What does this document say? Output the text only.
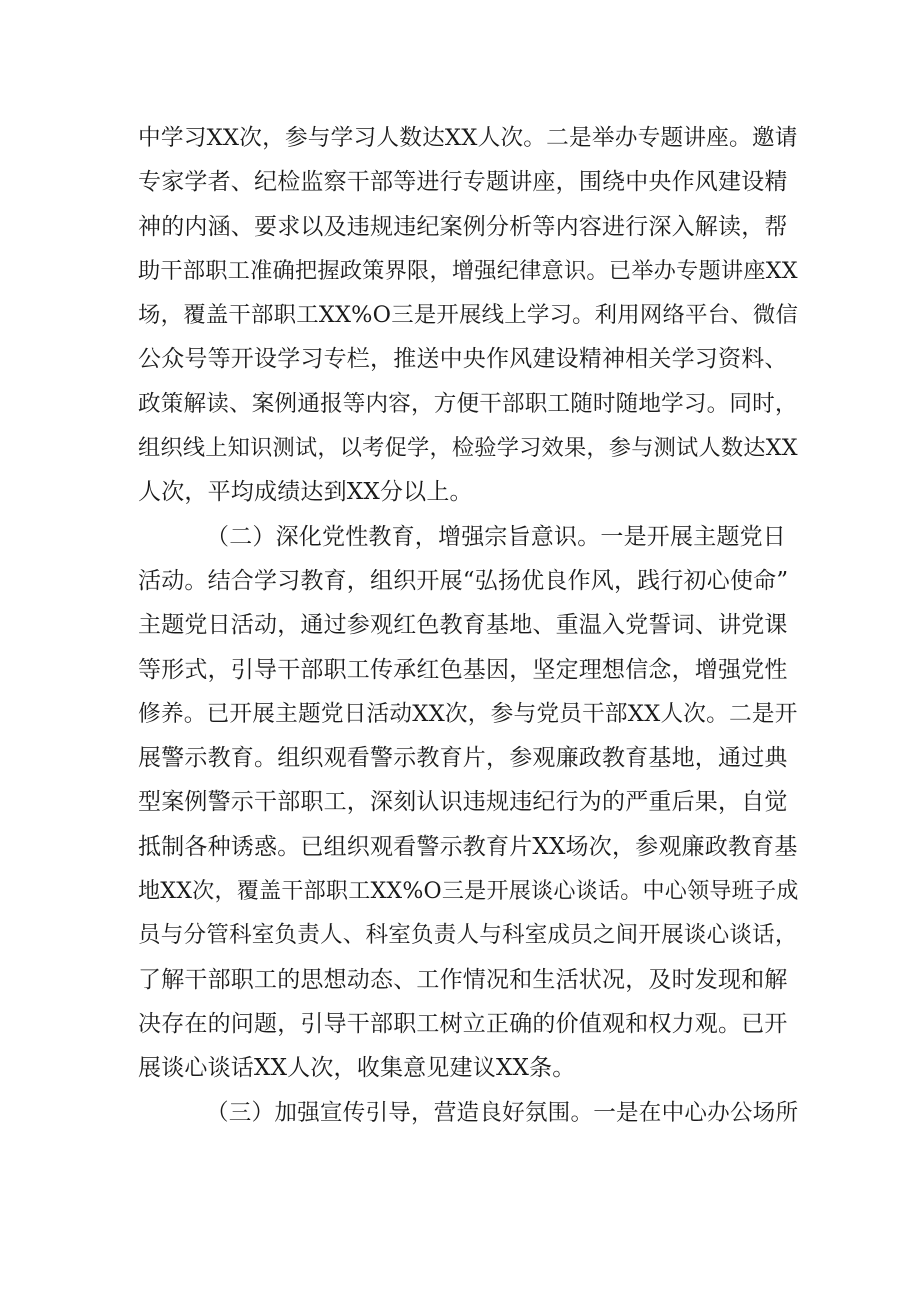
中学习XX次，参与学习人数达XX人次。二是举办专题讲座。邀请
专家学者、纪检监察干部等进行专题讲座，围绕中央作风建设精
神的内涵、要求以及违规违纪案例分析等内容进行深入解读，帮
助干部职工准确把握政策界限，增强纪律意识。已举办专题讲座XX
场，覆盖干部职工XX%O三是开展线上学习。利用网络平台、微信
公众号等开设学习专栏，推送中央作风建设精神相关学习资料、
政策解读、案例通报等内容，方便干部职工随时随地学习。同时，
组织线上知识测试，以考促学，检验学习效果，参与测试人数达XX
人次，平均成绩达到XX分以上。
（二）深化党性教育，增强宗旨意识。一是开展主题党日
活动。结合学习教育，组织开展“弘扬优良作风，践行初心使命”
主题党日活动，通过参观红色教育基地、重温入党誓词、讲党课
等形式，引导干部职工传承红色基因，坚定理想信念，增强党性
修养。已开展主题党日活动XX次，参与党员干部XX人次。二是开
展警示教育。组织观看警示教育片，参观廉政教育基地，通过典
型案例警示干部职工，深刻认识违规违纪行为的严重后果，自觉
抵制各种诱惑。已组织观看警示教育片XX场次，参观廉政教育基
地XX次，覆盖干部职工XX%O三是开展谈心谈话。中心领导班子成
员与分管科室负责人、科室负责人与科室成员之间开展谈心谈话，
了解干部职工的思想动态、工作情况和生活状况，及时发现和解
决存在的问题，引导干部职工树立正确的价值观和权力观。已开
展谈心谈话XX人次，收集意见建议XX条。
（三）加强宣传引导，营造良好氛围。一是在中心办公场所
